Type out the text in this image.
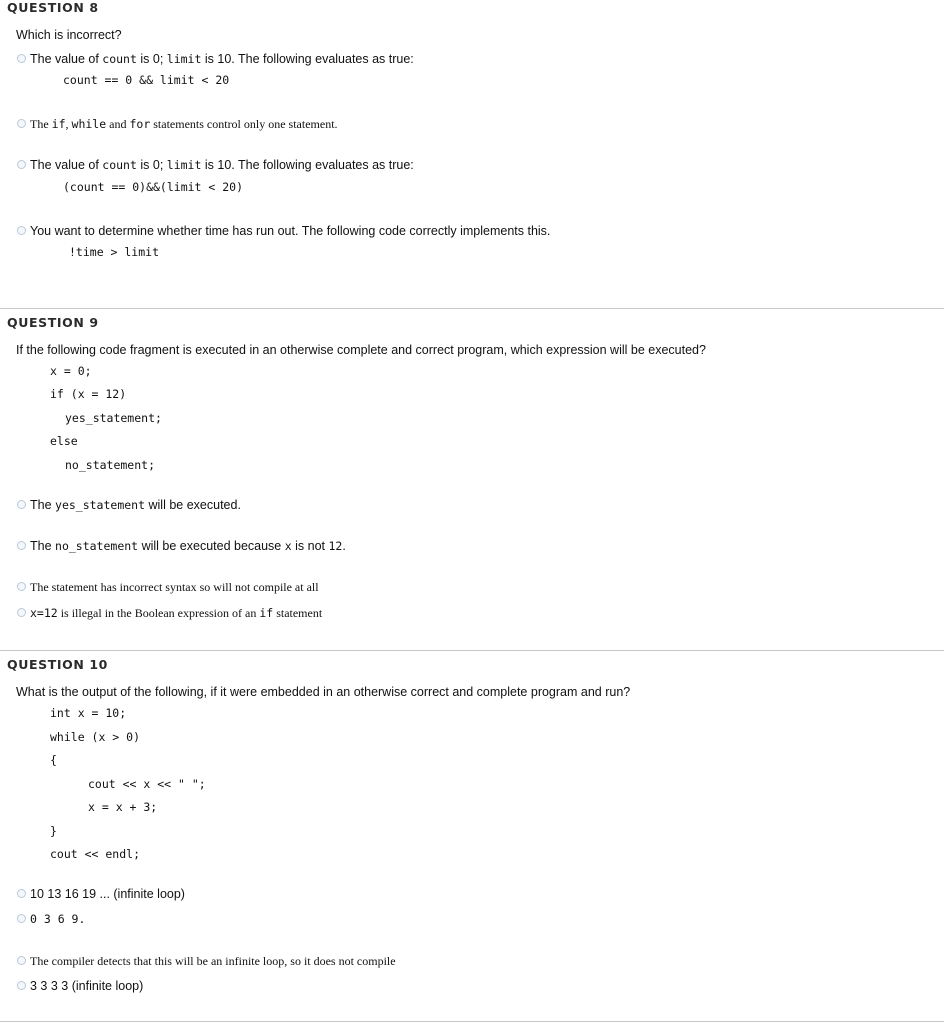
QUESTION 8
Which is incorrect?
The value of count is 0; limit is 10. The following evaluates as true:
count == 0 && limit < 20
The if, while and for statements control only one statement.
The value of count is 0; limit is 10. The following evaluates as true:
(count == 0)&&(limit < 20)
You want to determine whether time has run out. The following code correctly implements this.
!time > limit
QUESTION 9
If the following code fragment is executed in an otherwise complete and correct program, which expression will be executed?
x = 0;
if (x = 12)
yes_statement;
else
no_statement;
The yes_statement will be executed.
The no_statement will be executed because x is not 12.
The statement has incorrect syntax so will not compile at all
x=12 is illegal in the Boolean expression of an if statement
QUESTION 10
What is the output of the following, if it were embedded in an otherwise correct and complete program and run?
int x = 10;
while (x > 0)
{
cout << x << " ";
x = x + 3;
}
cout << endl;
10 13 16 19 ... (infinite loop)
0 3 6 9.
The compiler detects that this will be an infinite loop, so it does not compile
3 3 3 3 (infinite loop)
